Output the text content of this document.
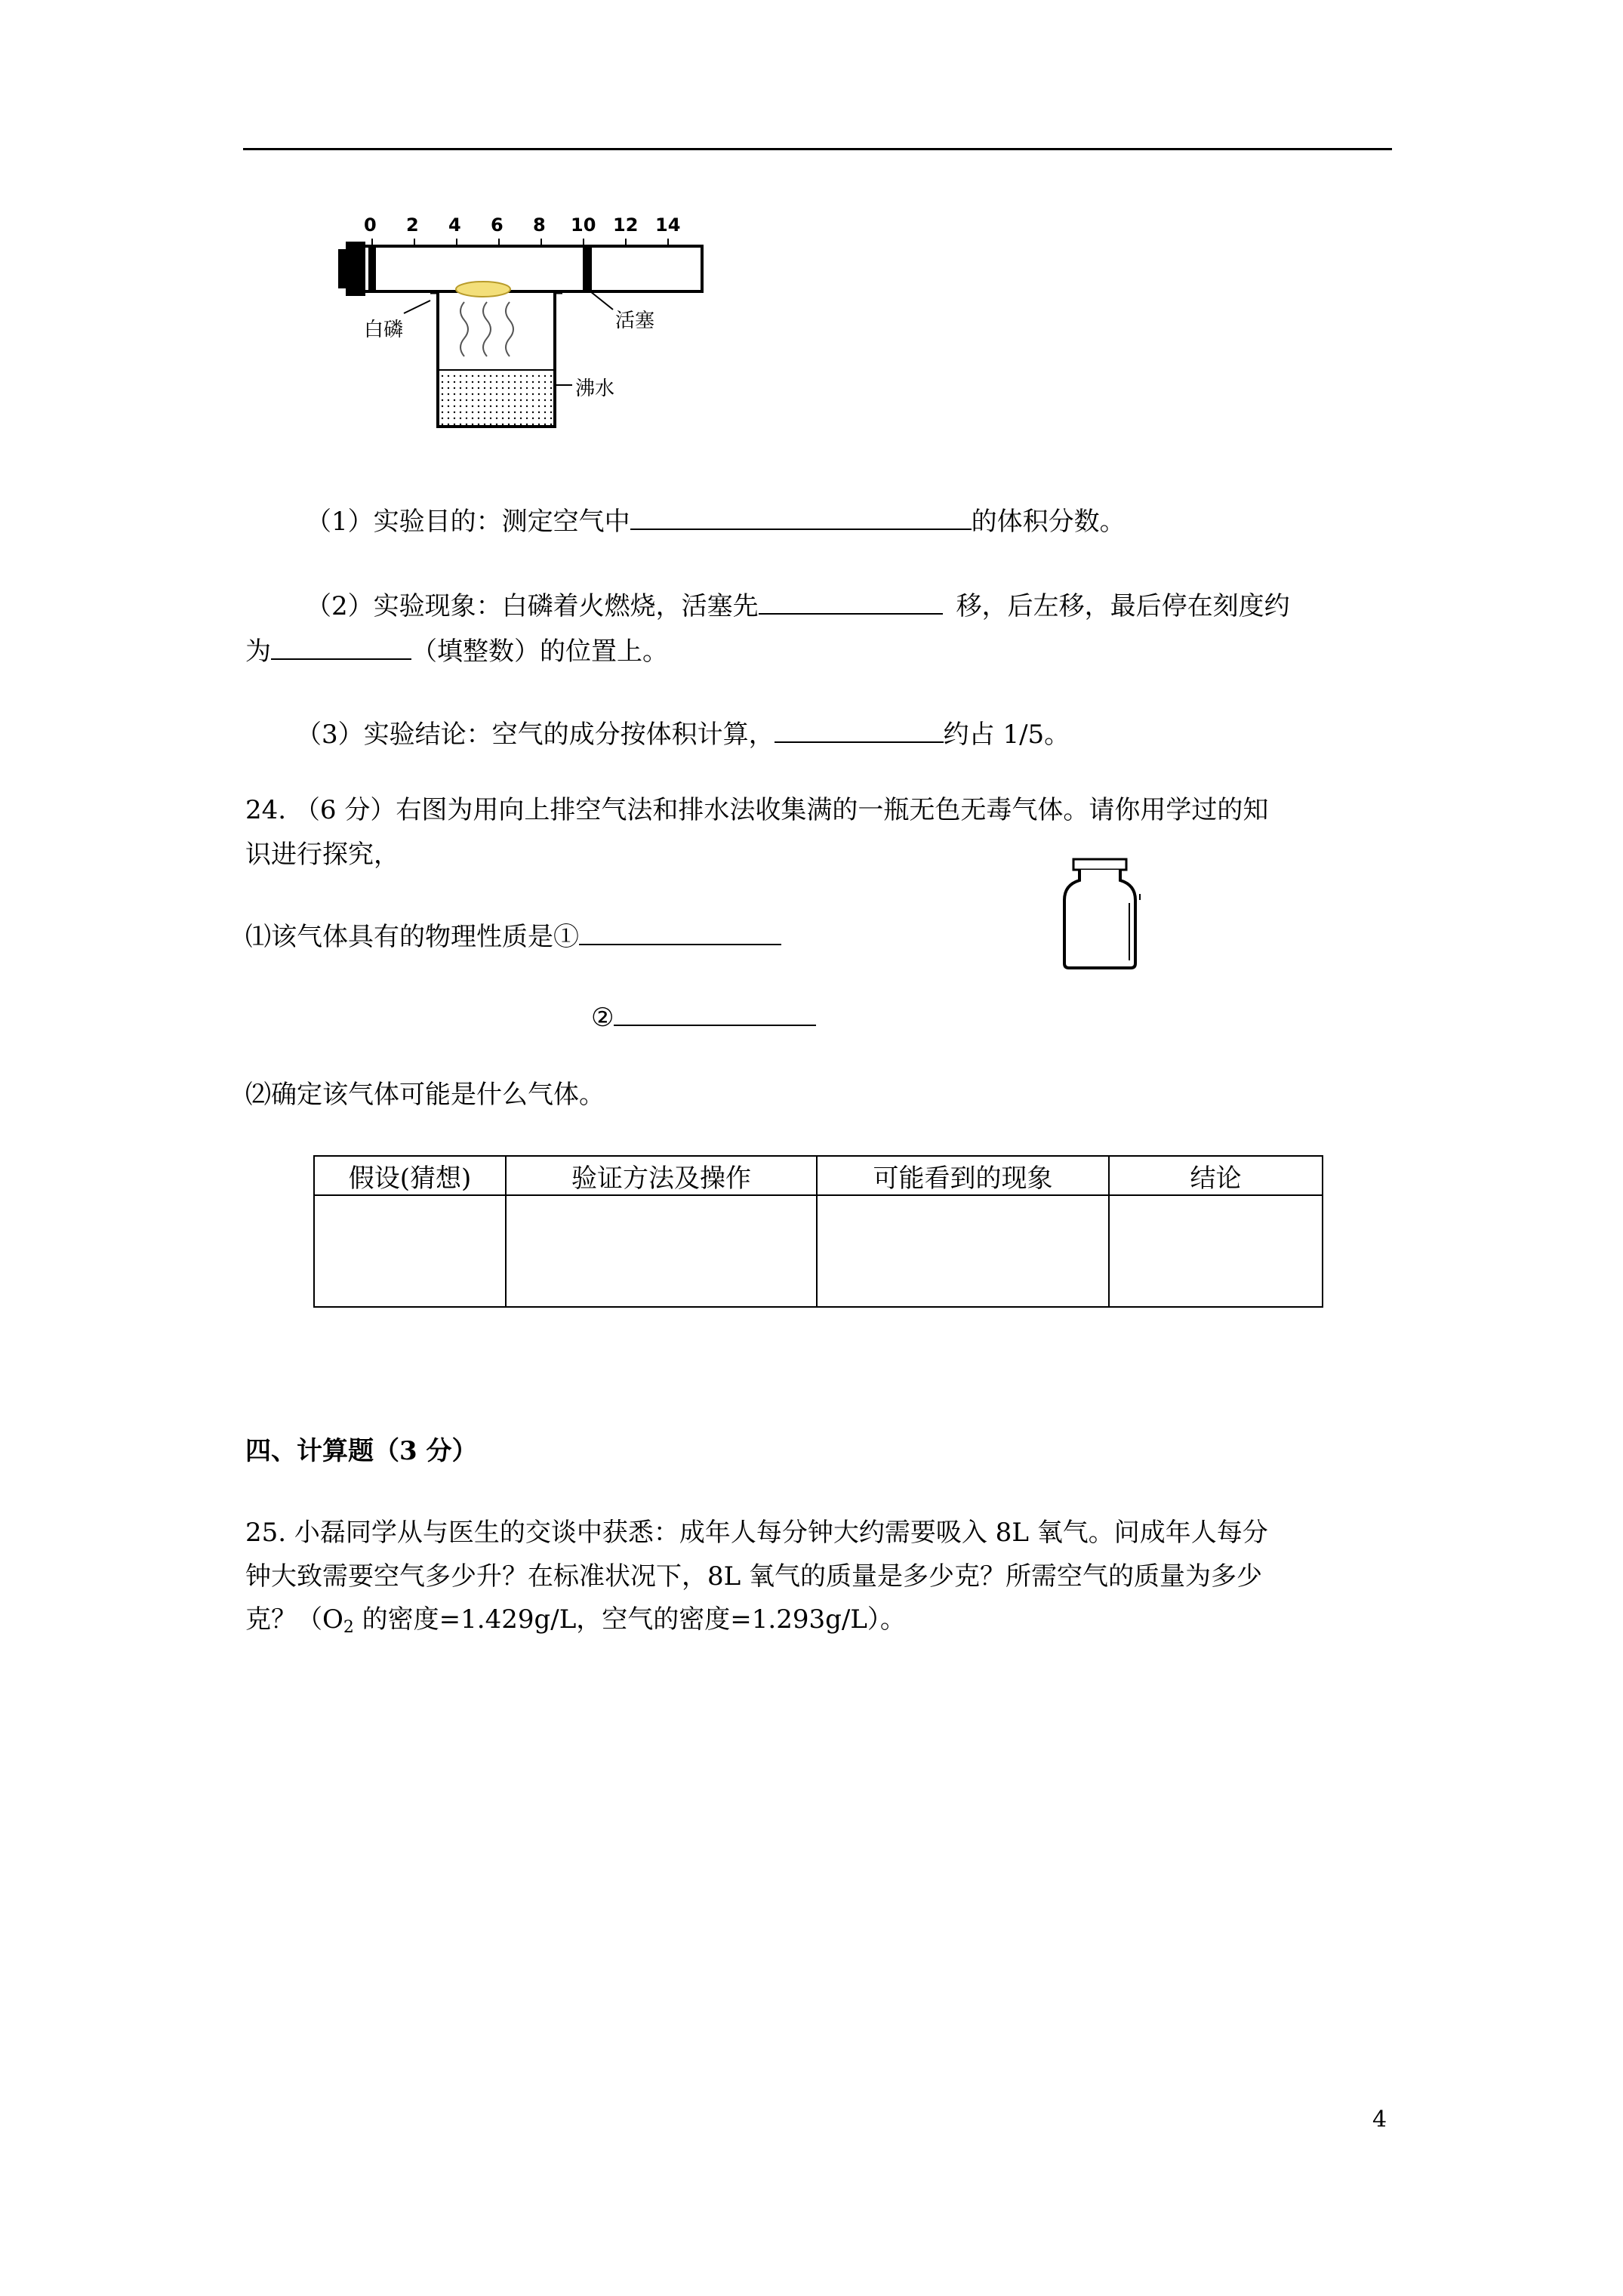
0 2 4 6 8 10 12 14
白磷	活塞
沸水
（1）实验目的：测定空气中	的体积分数。
（2）实验现象：白磷着火燃烧，活塞先	移，后左移，最后停在刻度约
为	（填整数）的位置上。
（3）实验结论：空气的成分按体积计算，	约占 1/5。
24. （6 分）右图为用向上排空气法和排水法收集满的一瓶无色无毒气体。请你用学过的知
识进行探究，
⑴该气体具有的物理性质是①
②
⑵确定该气体可能是什么气体。
假设(猜想)	验证方法及操作	可能看到的现象	结论

四、计算题（3 分）
25. 小磊同学从与医生的交谈中获悉：成年人每分钟大约需要吸入 8L 氧气。问成年人每分
钟大致需要空气多少升？在标准状况下，8L 氧气的质量是多少克？所需空气的质量为多少
克？（$O_2$ 的密度=1.429g/L，空气的密度=1.293g/L）。
4
